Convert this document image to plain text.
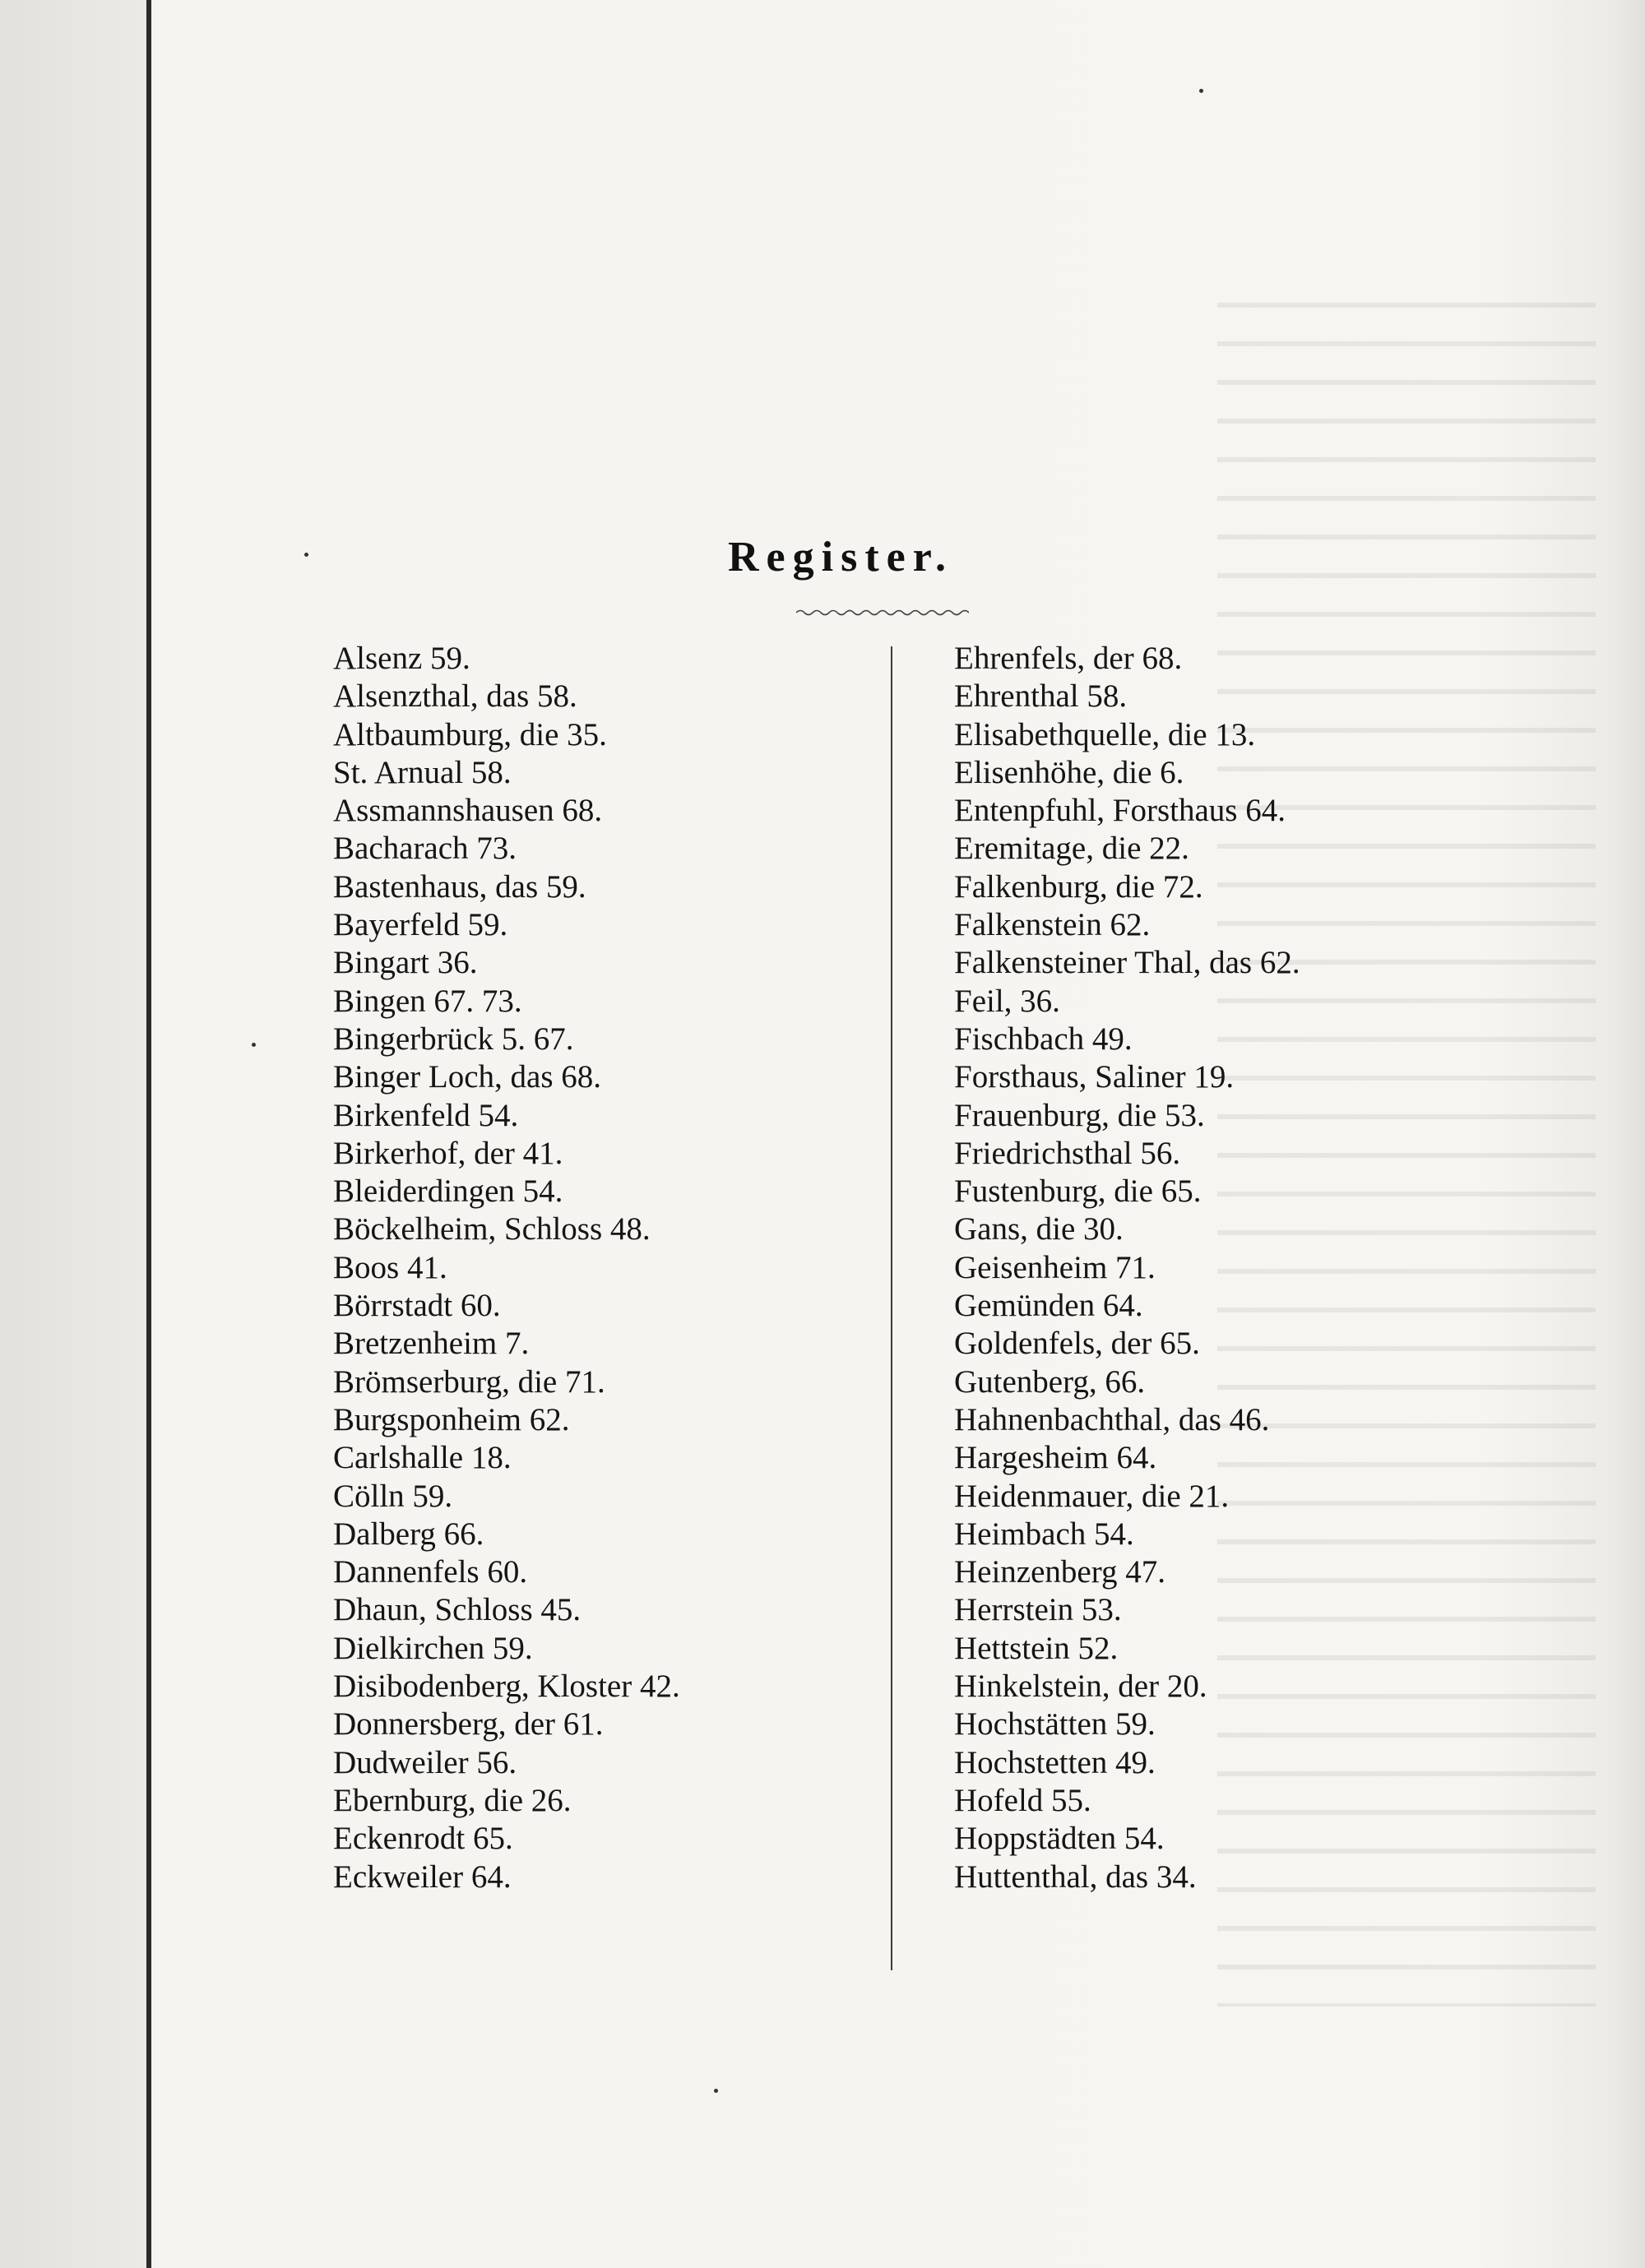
Register.
Alsenz 59.
Alsenzthal, das 58.
Altbaumburg, die 35.
St. Arnual 58.
Assmannshausen 68.
Bacharach 73.
Bastenhaus, das 59.
Bayerfeld 59.
Bingart 36.
Bingen 67. 73.
Bingerbrück 5. 67.
Binger Loch, das 68.
Birkenfeld 54.
Birkerhof, der 41.
Bleiderdingen 54.
Böckelheim, Schloss 48.
Boos 41.
Börrstadt 60.
Bretzenheim 7.
Brömserburg, die 71.
Burgsponheim 62.
Carlshalle 18.
Cölln 59.
Dalberg 66.
Dannenfels 60.
Dhaun, Schloss 45.
Dielkirchen 59.
Disibodenberg, Kloster 42.
Donnersberg, der 61.
Dudweiler 56.
Ebernburg, die 26.
Eckenrodt 65.
Eckweiler 64.
Ehrenfels, der 68.
Ehrenthal 58.
Elisabethquelle, die 13.
Elisenhöhe, die 6.
Entenpfuhl, Forsthaus 64.
Eremitage, die 22.
Falkenburg, die 72.
Falkenstein 62.
Falkensteiner Thal, das 62.
Feil, 36.
Fischbach 49.
Forsthaus, Saliner 19.
Frauenburg, die 53.
Friedrichsthal 56.
Fustenburg, die 65.
Gans, die 30.
Geisenheim 71.
Gemünden 64.
Goldenfels, der 65.
Gutenberg, 66.
Hahnenbachthal, das 46.
Hargesheim 64.
Heidenmauer, die 21.
Heimbach 54.
Heinzenberg 47.
Herrstein 53.
Hettstein 52.
Hinkelstein, der 20.
Hochstätten 59.
Hochstetten 49.
Hofeld 55.
Hoppstädten 54.
Huttenthal, das 34.
